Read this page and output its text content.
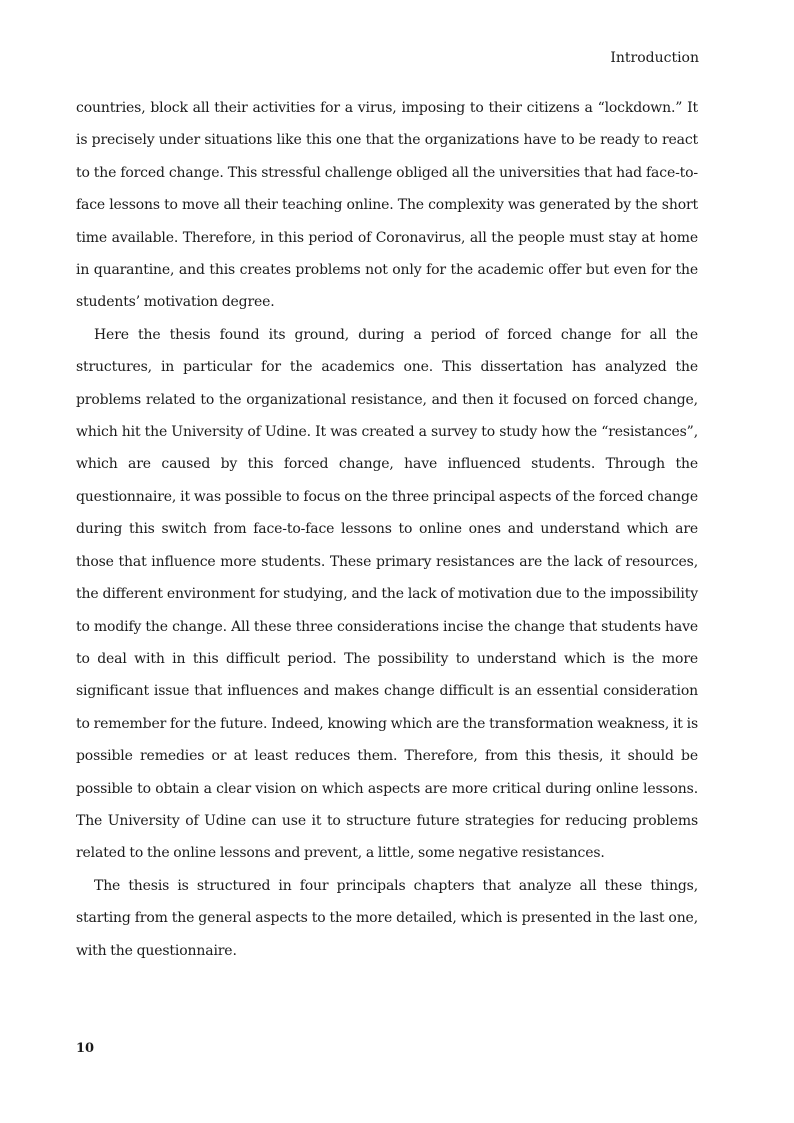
Introduction

countries, block all their activities for a virus, imposing to their citizens a “lockdown.” It is precisely under situations like this one that the organizations have to be ready to react to the forced change. This stressful challenge obliged all the universities that had face-to-face lessons to move all their teaching online. The complexity was generated by the short time available. Therefore, in this period of Coronavirus, all the people must stay at home in quarantine, and this creates problems not only for the academic offer but even for the students’ motivation degree.

Here the thesis found its ground, during a period of forced change for all the structures, in particular for the academics one. This dissertation has analyzed the problems related to the organizational resistance, and then it focused on forced change, which hit the University of Udine. It was created a survey to study how the “resistances”, which are caused by this forced change, have influenced students. Through the questionnaire, it was possible to focus on the three principal aspects of the forced change during this switch from face-to-face lessons to online ones and understand which are those that influence more students. These primary resistances are the lack of resources, the different environment for studying, and the lack of motivation due to the impossibility to modify the change. All these three considerations incise the change that students have to deal with in this difficult period. The possibility to understand which is the more significant issue that influences and makes change difficult is an essential consideration to remember for the future. Indeed, knowing which are the transformation weakness, it is possible remedies or at least reduces them. Therefore, from this thesis, it should be possible to obtain a clear vision on which aspects are more critical during online lessons. The University of Udine can use it to structure future strategies for reducing problems related to the online lessons and prevent, a little, some negative resistances.

The thesis is structured in four principals chapters that analyze all these things, starting from the general aspects to the more detailed, which is presented in the last one, with the questionnaire.

10
